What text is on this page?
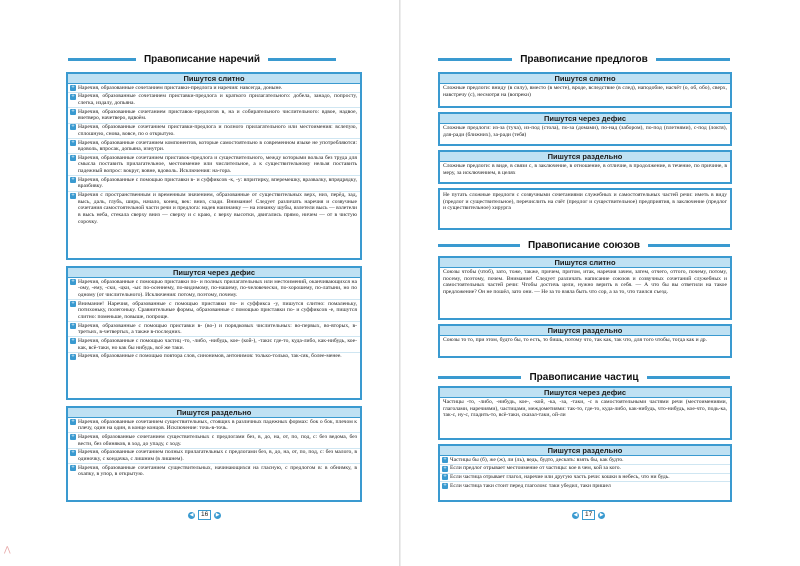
Правописание наречий
Пишутся слитно
+ Наречия, образованные сочетанием приставки-предлога и наречия: навсегда, доныне.
+ Наречия, образованные сочетанием приставки-предлога и краткого прилагательного: добела, занадо, попросту, слегка, издалу, допьяна.
+ Наречия, образованные сочетанием приставок-предлогов в, на и собирательного числительного: вдвое, надвое, вчетверо, начетверо, вдвоём.
+ Наречия, образованные сочетанием приставки-предлога и полного прилагательного или местоимения: вслепую, сплошную, снова, вовсе, по о открытую.
+ Наречия, образованные сочетанием компонентов, которые самостоятельно в современном языке не употребляются: вдоволь, впросак, допьяна, изнутри.
+ Наречия, образованные сочетанием приставок-предлога и существительного, между которыми вольза без труда для смысла поставить прилагательное, местоимение или числительное, а к существительному нельзя поставить падежный вопрос: вокруг, вовне, вдоволь. Исключения: на-гора.
+ Наречия, образованные с помощью приставки в- и суффиксов -к, -у: впритирку, вперемешку, вразвалку, впрядрядку, вразбивку.
+ Наречия с пространственным и временным значением, образованные от существительных верх, низ, перёд, зад, высь, даль, глубь, ширь, начало, конец, век: вниз, сзади. Внимание! Следует различать наречия и созвучные сочетания самостоятельной части речи и предлога: надев наизнанку — на изнанку шубы, взлетели высь — взлетели в высь неба, стекала сверху вниз — сверху и с краю, с верху высотки, двигались прямо, ничем — от в чистую сорочку.
Пишутся через дефис
+ Наречия, образованные с помощью приставки по- и полных прилагательных или местоимений, оканчивающихся на -ому, -ему, -ски, -цки, -ьи: по-осеннему, по-видимому, по-нашему, по-человечески, по-хорошему, по-латыни, но по одному (от числительного). Исключения: потому, поэтому, почему.
+ Внимание! Наречия, образованные с помощью приставки по- и суффикса -у, пишутся слитно: помаленьку, потихоньку, полегоньку. Сравнительные формы, образованные с помощью приставки по- и суффиксов -е, пишутся слитно: поменьше, повыше, попроще.
+ Наречия, образованные с помощью приставки в- (во-) и порядковых числительных: во-первых, во-вторых, в-третьих, в-четвертых, а также в-последних.
+ Наречия, образованные с помощью частиц -то, -либо, -нибудь, кое- (кой-), -таки: где-то, куда-либо, как-нибудь, кое-как, всё-таки, но как бы нибудь, всё же таки.
+ Наречия, образованные с помощью повтора слов, синонимов, антонимов: только-только, так-сяк, более-менее.
Пишутся раздельно
+ Наречия, образованные сочетанием существительных, стоящих в различных падежных формах: бок о бок, плечом к плечу, один на один, в конце концов. Исключение: точь-в-точь.
+ Наречия, образованные сочетанием существительных с предлогами без, в, до, на, от, по, под, с: без ведома, без вести, без обиняков, в ход, до упаду, с ходу.
+ Наречия, образованные сочетанием полных прилагательных с предлогами без, в, до, на, от, по, под, с: без малого, в одиночку, с кондачка, с лишним (в лишнем).
+ Наречия, образованные сочетанием существительных, начинающихся на гласную, с предлогом в: в обнимку, в охапку, в упор, в открытую.
◀	16	▶
Правописание предлогов
Пишутся слитно
Сложные предлоги: вниду (в силу), вместо (в месте), вроде, вследствие (в след), наподобие, насчёт (о, об, обо), сверх, навстречу (с), несмотря на (вопреки)
Пишутся через дефис
Сложные предлоги: из-за (туча), из-под (стола), по-за (домами), по-над (забором), по-под (плетнями), с-под (локтя), для-ради (ближних), за-ради (тебя)
Пишутся раздельно
Сложные предлоги: в виде, в связи с, в заключение, в отношение, в отличие, в продолжение, в течение, по причине, в меру, за исключением, в целях
Не путать сложные предлоги с созвучными сочетаниями служебных и самостоятельных частей речи: иметь в виду (предлог и существительное), перечислить на счёт (предлог и существительное) предприятия, в заключение (предлог и существительное) хирурга
Правописание союзов
Пишутся слитно
Союзы чтобы (чтоб), зато, тоже, также, причем, притом, итак, наречия зачем, затем, отчего, оттого, почему, потому, посему, поэтому, почем. Внимание! Следует различать написание союзов и созвучных сочетаний служебных и самостоятельных частей речи: Чтобы достичь цели, нужно верить в себя. — А что бы вы ответили на такое предложение? Он не пошёл, зато они. — Не за то взяла быть что сор, а за то, что таился съезд.
Пишутся раздельно
Союзы то то, при этом, будто бы, то есть, то бишь, потому что, так как, так что, для того чтобы, тогда как и др.
Правописание частиц
Пишутся через дефис
Частицы -то, -либо, -нибудь, кое-, -кой, -ка, -за, -таки, -с в самостоятельными частями речи (местоимениями, глаголами, наречиями), частицами, междометиями: так-то, где-то, куда-либо, как-нибудь, что-нибудь, кое-что, подь-ка, так-с, ну-с, гладить-то, всё-таки, сказал-таки, ой-ли
Пишутся раздельно
+ Частицы бы (б), же (ж), ли (ль), ведь, будто, дескать: взять бы, как будто.
+ Если предлог отрывает местоимение от частицы: кое в чем, кой за кого.
+ Если частица отрывает глагол, наречие или другую часть речи: кошки в небесь, что ни будь.
+ Если частица таки стоит перед глаголом: таки убедил, таки пришел
◀	17	▶
⋀
